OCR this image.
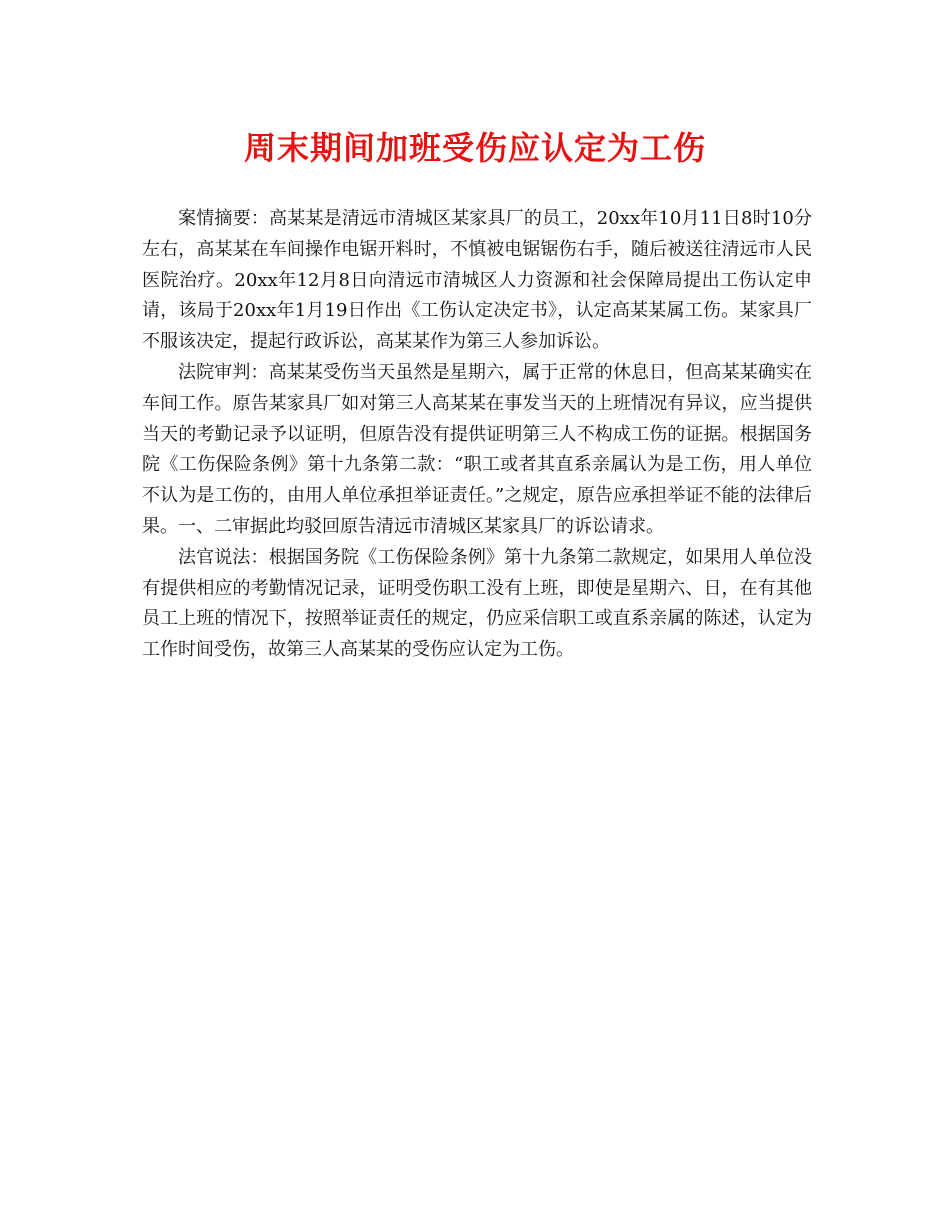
周末期间加班受伤应认定为工伤

案情摘要：高某某是清远市清城区某家具厂的员工，20xx年10月11日8时10分左右，高某某在车间操作电锯开料时，不慎被电锯锯伤右手，随后被送往清远市人民医院治疗。20xx年12月8日向清远市清城区人力资源和社会保障局提出工伤认定申请，该局于20xx年1月19日作出《工伤认定决定书》，认定高某某属工伤。某家具厂不服该决定，提起行政诉讼，高某某作为第三人参加诉讼。

法院审判：高某某受伤当天虽然是星期六，属于正常的休息日，但高某某确实在车间工作。原告某家具厂如对第三人高某某在事发当天的上班情况有异议，应当提供当天的考勤记录予以证明，但原告没有提供证明第三人不构成工伤的证据。根据国务院《工伤保险条例》第十九条第二款：“职工或者其直系亲属认为是工伤，用人单位不认为是工伤的，由用人单位承担举证责任。”之规定，原告应承担举证不能的法律后果。一、二审据此均驳回原告清远市清城区某家具厂的诉讼请求。

法官说法：根据国务院《工伤保险条例》第十九条第二款规定，如果用人单位没有提供相应的考勤情况记录，证明受伤职工没有上班，即使是星期六、日，在有其他员工上班的情况下，按照举证责任的规定，仍应采信职工或直系亲属的陈述，认定为工作时间受伤，故第三人高某某的受伤应认定为工伤。
